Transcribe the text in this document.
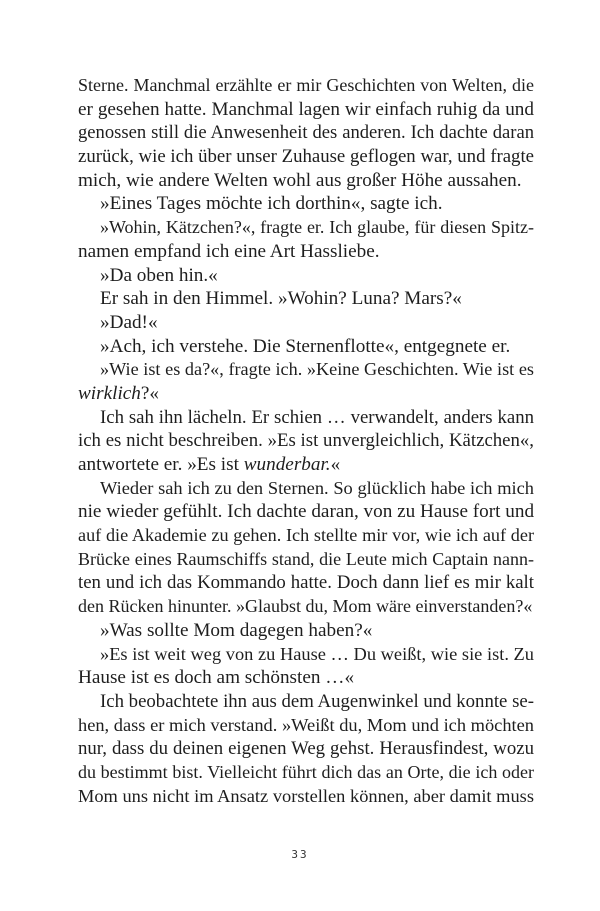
Sterne. Manchmal erzählte er mir Geschichten von Welten, die
er gesehen hatte. Manchmal lagen wir einfach ruhig da und
genossen still die Anwesenheit des anderen. Ich dachte daran
zurück, wie ich über unser Zuhause geflogen war, und fragte
mich, wie andere Welten wohl aus großer Höhe aussahen.
»Eines Tages möchte ich dorthin«, sagte ich.
»Wohin, Kätzchen?«, fragte er. Ich glaube, für diesen Spitz-
namen empfand ich eine Art Hassliebe.
»Da oben hin.«
Er sah in den Himmel. »Wohin? Luna? Mars?«
»Dad!«
»Ach, ich verstehe. Die Sternenflotte«, entgegnete er.
»Wie ist es da?«, fragte ich. »Keine Geschichten. Wie ist es
wirklich?«
Ich sah ihn lächeln. Er schien … verwandelt, anders kann
ich es nicht beschreiben. »Es ist unvergleichlich, Kätzchen«,
antwortete er. »Es ist wunderbar.«
Wieder sah ich zu den Sternen. So glücklich habe ich mich
nie wieder gefühlt. Ich dachte daran, von zu Hause fort und
auf die Akademie zu gehen. Ich stellte mir vor, wie ich auf der
Brücke eines Raumschiffs stand, die Leute mich Captain nann-
ten und ich das Kommando hatte. Doch dann lief es mir kalt
den Rücken hinunter. »Glaubst du, Mom wäre einverstanden?«
»Was sollte Mom dagegen haben?«
»Es ist weit weg von zu Hause … Du weißt, wie sie ist. Zu
Hause ist es doch am schönsten …«
Ich beobachtete ihn aus dem Augenwinkel und konnte se-
hen, dass er mich verstand. »Weißt du, Mom und ich möchten
nur, dass du deinen eigenen Weg gehst. Herausfindest, wozu
du bestimmt bist. Vielleicht führt dich das an Orte, die ich oder
Mom uns nicht im Ansatz vorstellen können, aber damit muss
33
